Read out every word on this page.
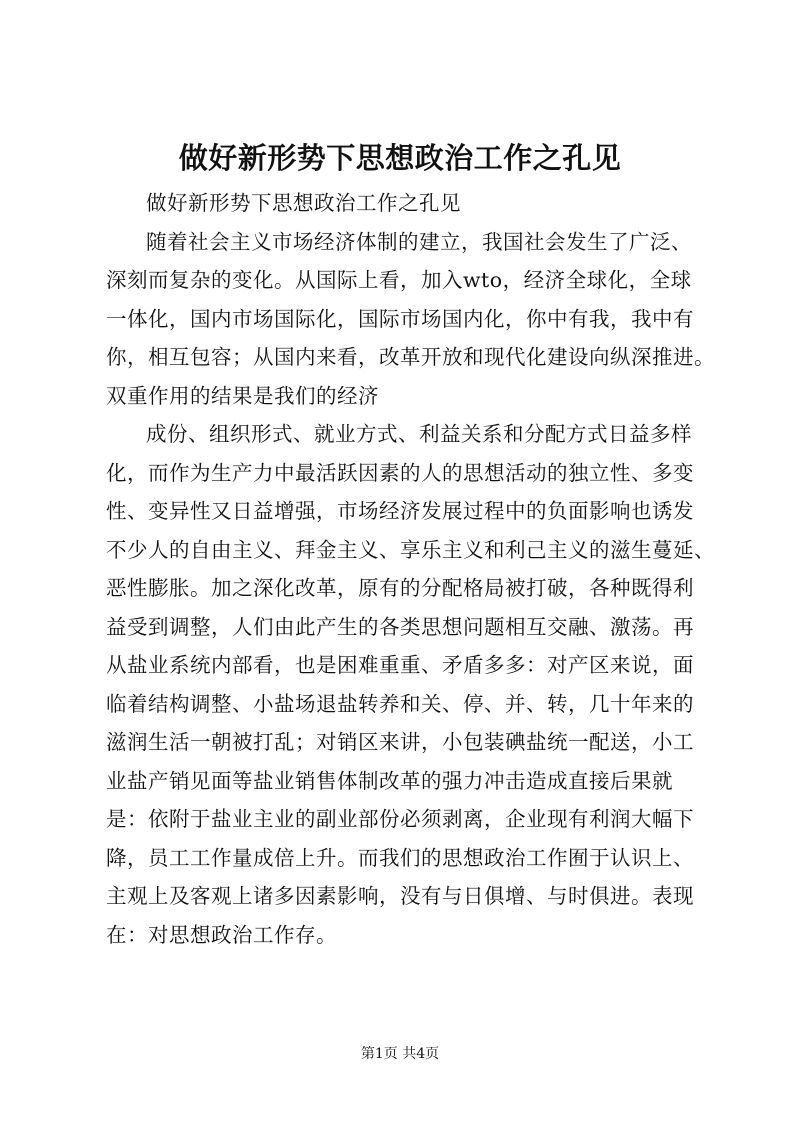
做好新形势下思想政治工作之孔见
做好新形势下思想政治工作之孔见
随着社会主义市场经济体制的建立，我国社会发生了广泛、
深刻而复杂的变化。从国际上看，加入wto，经济全球化，全球
一体化，国内市场国际化，国际市场国内化，你中有我，我中有
你，相互包容；从国内来看，改革开放和现代化建设向纵深推进。
双重作用的结果是我们的经济
成份、组织形式、就业方式、利益关系和分配方式日益多样
化，而作为生产力中最活跃因素的人的思想活动的独立性、多变
性、变异性又日益增强，市场经济发展过程中的负面影响也诱发
不少人的自由主义、拜金主义、享乐主义和利己主义的滋生蔓延、
恶性膨胀。加之深化改革，原有的分配格局被打破，各种既得利
益受到调整，人们由此产生的各类思想问题相互交融、激荡。再
从盐业系统内部看，也是困难重重、矛盾多多：对产区来说，面
临着结构调整、小盐场退盐转养和关、停、并、转，几十年来的
滋润生活一朝被打乱；对销区来讲，小包装碘盐统一配送，小工
业盐产销见面等盐业销售体制改革的强力冲击造成直接后果就
是：依附于盐业主业的副业部份必须剥离，企业现有利润大幅下
降，员工工作量成倍上升。而我们的思想政治工作囿于认识上、
主观上及客观上诸多因素影响，没有与日俱增、与时俱进。表现
在：对思想政治工作存。
第1页 共4页
